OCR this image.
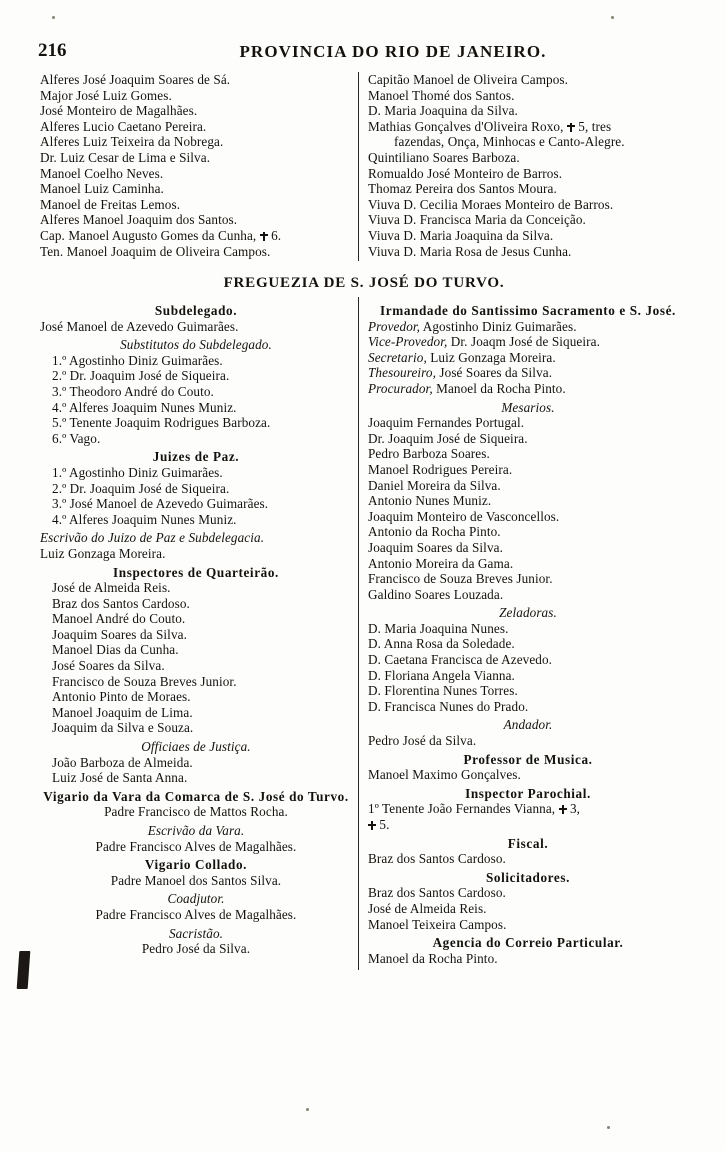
216	PROVINCIA DO RIO DE JANEIRO.
Alferes José Joaquim Soares de Sá.
Major José Luiz Gomes.
José Monteiro de Magalhães.
Alferes Lucio Caetano Pereira.
Alferes Luiz Teixeira da Nobrega.
Dr. Luiz Cesar de Lima e Silva.
Manoel Coelho Neves.
Manoel Luiz Caminha.
Manoel de Freitas Lemos.
Alferes Manoel Joaquim dos Santos.
Cap. Manoel Augusto Gomes da Cunha,  6.
Ten. Manoel Joaquim de Oliveira Campos.
Capitão Manoel de Oliveira Campos.
Manoel Thomé dos Santos.
D. Maria Joaquina da Silva.
Mathias Gonçalves d'Oliveira Roxo,  5, tres
fazendas, Onça, Minhocas e Canto-Alegre.
Quintiliano Soares Barboza.
Romualdo José Monteiro de Barros.
Thomaz Pereira dos Santos Moura.
Viuva D. Cecilia Moraes Monteiro de Barros.
Viuva D. Francisca Maria da Conceição.
Viuva D. Maria Joaquina da Silva.
Viuva D. Maria Rosa de Jesus Cunha.
FREGUEZIA DE S. JOSÉ DO TURVO.
Subdelegado.
José Manoel de Azevedo Guimarães.
Substitutos do Subdelegado.
1.º Agostinho Diniz Guimarães.
2.º Dr. Joaquim José de Siqueira.
3.º Theodoro André do Couto.
4.º Alferes Joaquim Nunes Muniz.
5.º Tenente Joaquim Rodrigues Barboza.
6.º Vago.
Juizes de Paz.
1.º Agostinho Diniz Guimarães.
2.º Dr. Joaquim José de Siqueira.
3.º José Manoel de Azevedo Guimarães.
4.º Alferes Joaquim Nunes Muniz.
Escrivão do Juizo de Paz e Subdelegacia.
Luiz Gonzaga Moreira.
Inspectores de Quarteirão.
José de Almeida Reis.
Braz dos Santos Cardoso.
Manoel André do Couto.
Joaquim Soares da Silva.
Manoel Dias da Cunha.
José Soares da Silva.
Francisco de Souza Breves Junior.
Antonio Pinto de Moraes.
Manoel Joaquim de Lima.
Joaquim da Silva e Souza.
Officiaes de Justiça.
João Barboza de Almeida.
Luiz José de Santa Anna.
Vigario da Vara da Comarca de S. José do Turvo.
Padre Francisco de Mattos Rocha.
Escrivão da Vara.
Padre Francisco Alves de Magalhães.
Vigario Collado.
Padre Manoel dos Santos Silva.
Coadjutor.
Padre Francisco Alves de Magalhães.
Sacristão.
Pedro José da Silva.
Irmandade do Santissimo Sacramento e S. José.
Provedor, Agostinho Diniz Guimarães.
Vice-Provedor, Dr. Joaqm José de Siqueira.
Secretario, Luiz Gonzaga Moreira.
Thesoureiro, José Soares da Silva.
Procurador, Manoel da Rocha Pinto.
Mesarios.
Joaquim Fernandes Portugal.
Dr. Joaquim José de Siqueira.
Pedro Barboza Soares.
Manoel Rodrigues Pereira.
Daniel Moreira da Silva.
Antonio Nunes Muniz.
Joaquim Monteiro de Vasconcellos.
Antonio da Rocha Pinto.
Joaquim Soares da Silva.
Antonio Moreira da Gama.
Francisco de Souza Breves Junior.
Galdino Soares Louzada.
Zeladoras.
D. Maria Joaquina Nunes.
D. Anna Rosa da Soledade.
D. Caetana Francisca de Azevedo.
D. Floriana Angela Vianna.
D. Florentina Nunes Torres.
D. Francisca Nunes do Prado.
Andador.
Pedro José da Silva.
Professor de Musica.
Manoel Maximo Gonçalves.
Inspector Parochial.
1º Tenente João Fernandes Vianna,  3,
5.
Fiscal.
Braz dos Santos Cardoso.
Solicitadores.
Braz dos Santos Cardoso.
José de Almeida Reis.
Manoel Teixeira Campos.
Agencia do Correio Particular.
Manoel da Rocha Pinto.
